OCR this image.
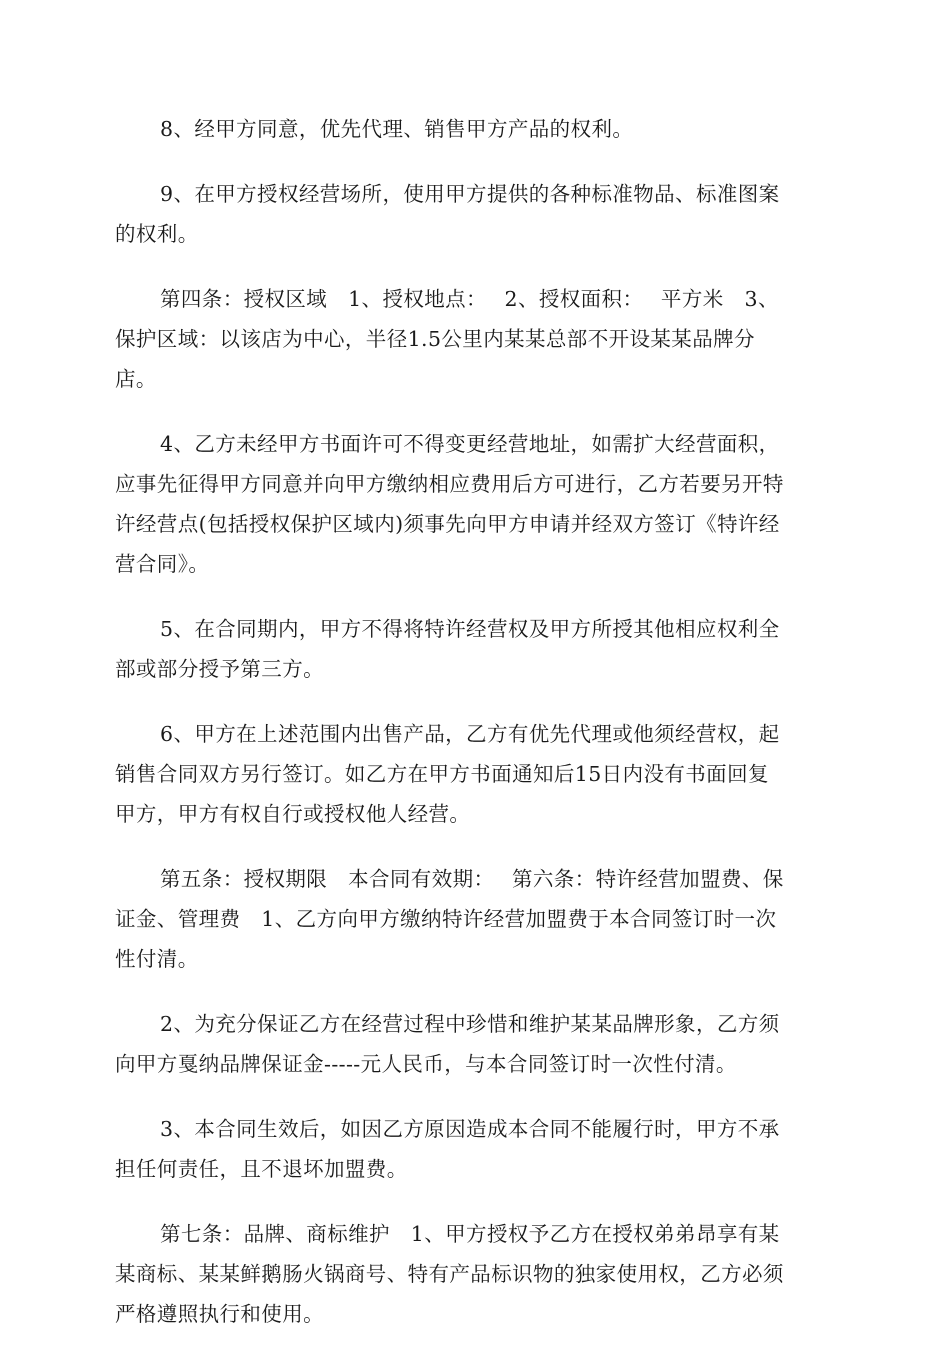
8、经甲方同意，优先代理、销售甲方产品的权利。

9、在甲方授权经营场所，使用甲方提供的各种标准物品、标准图案
的权利。

第四条：授权区域　1、授权地点：　 2、授权面积：　 平方米　3、
保护区域：以该店为中心，半径1.5公里内某某总部不开设某某品牌分
店。

4、乙方未经甲方书面许可不得变更经营地址，如需扩大经营面积，
应事先征得甲方同意并向甲方缴纳相应费用后方可进行，乙方若要另开特
许经营点(包括授权保护区域内)须事先向甲方申请并经双方签订《特许经
营合同》。

5、在合同期内，甲方不得将特许经营权及甲方所授其他相应权利全
部或部分授予第三方。

6、甲方在上述范围内出售产品，乙方有优先代理或他须经营权，起
销售合同双方另行签订。如乙方在甲方书面通知后15日内没有书面回复
甲方，甲方有权自行或授权他人经营。

第五条：授权期限　本合同有效期：　 第六条：特许经营加盟费、保
证金、管理费　1、乙方向甲方缴纳特许经营加盟费于本合同签订时一次
性付清。

2、为充分保证乙方在经营过程中珍惜和维护某某品牌形象，乙方须
向甲方戛纳品牌保证金-----元人民币，与本合同签订时一次性付清。

3、本合同生效后，如因乙方原因造成本合同不能履行时，甲方不承
担任何责任，且不退坏加盟费。

第七条：品牌、商标维护　1、甲方授权予乙方在授权弟弟昂享有某
某商标、某某鲜鹅肠火锅商号、特有产品标识物的独家使用权，乙方必须
严格遵照执行和使用。
